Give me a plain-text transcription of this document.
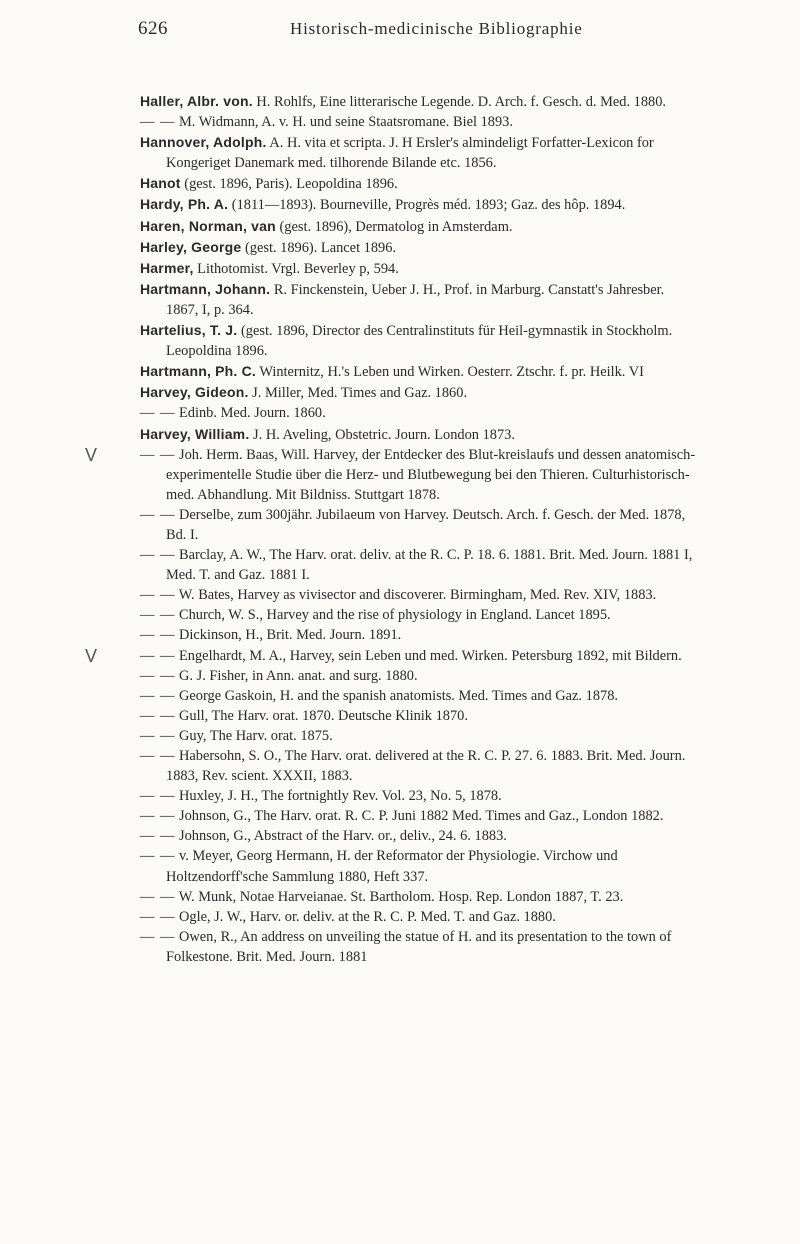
626	Historisch-medicinische Bibliographie

Haller, Albr. von. H. Rohlfs, Eine litterarische Legende. D. Arch. f. Gesch. d. Med. 1880.

— — M. Widmann, A. v. H. und seine Staatsromane. Biel 1893.

Hannover, Adolph. A. H. vita et scripta. J. H Ersler's almindeligt Forfatter-Lexicon for Kongeriget Danemark med. tilhorende Bilande etc. 1856.

Hanot (gest. 1896, Paris). Leopoldina 1896.

Hardy, Ph. A. (1811—1893). Bourneville, Progrès méd. 1893; Gaz. des hôp. 1894.

Haren, Norman, van (gest. 1896), Dermatolog in Amsterdam.

Harley, George (gest. 1896). Lancet 1896.

Harmer, Lithotomist. Vrgl. Beverley p, 594.

Hartmann, Johann. R. Finckenstein, Ueber J. H., Prof. in Marburg. Canstatt's Jahresber. 1867, I, p. 364.

Hartelius, T. J. (gest. 1896, Director des Centralinstituts für Heil-gymnastik in Stockholm. Leopoldina 1896.

Hartmann, Ph. C. Winternitz, H.'s Leben und Wirken. Oesterr. Ztschr. f. pr. Heilk. VI

Harvey, Gideon. J. Miller, Med. Times and Gaz. 1860.

— — Edinb. Med. Journ. 1860.

Harvey, William. J. H. Aveling, Obstetric. Journ. London 1873.

V	— — Joh. Herm. Baas, Will. Harvey, der Entdecker des Blut-kreislaufs und dessen anatomisch-experimentelle Studie über die Herz- und Blutbewegung bei den Thieren. Culturhistorisch-med. Abhandlung. Mit Bildniss. Stuttgart 1878.

— — Derselbe, zum 300jähr. Jubilaeum von Harvey. Deutsch. Arch. f. Gesch. der Med. 1878, Bd. I.

— — Barclay, A. W., The Harv. orat. deliv. at the R. C. P. 18. 6. 1881. Brit. Med. Journ. 1881 I, Med. T. and Gaz. 1881 I.

— — W. Bates, Harvey as vivisector and discoverer. Birmingham, Med. Rev. XIV, 1883.

— — Church, W. S., Harvey and the rise of physiology in England. Lancet 1895.

— — Dickinson, H., Brit. Med. Journ. 1891.

V	— — Engelhardt, M. A., Harvey, sein Leben und med. Wirken. Petersburg 1892, mit Bildern.

— — G. J. Fisher, in Ann. anat. and surg. 1880.

— — George Gaskoin, H. and the spanish anatomists. Med. Times and Gaz. 1878.

— — Gull, The Harv. orat. 1870. Deutsche Klinik 1870.

— — Guy, The Harv. orat. 1875.

— — Habersohn, S. O., The Harv. orat. delivered at the R. C. P. 27. 6. 1883. Brit. Med. Journ. 1883, Rev. scient. XXXII, 1883.

— — Huxley, J. H., The fortnightly Rev. Vol. 23, No. 5, 1878.

— — Johnson, G., The Harv. orat. R. C. P. Juni 1882 Med. Times and Gaz., London 1882.

— — Johnson, G., Abstract of the Harv. or., deliv., 24. 6. 1883.

— — v. Meyer, Georg Hermann, H. der Reformator der Physiologie. Virchow und Holtzendorff'sche Sammlung 1880, Heft 337.

— — W. Munk, Notae Harveianae. St. Bartholom. Hosp. Rep. London 1887, T. 23.

— — Ogle, J. W., Harv. or. deliv. at the R. C. P. Med. T. and Gaz. 1880.

— — Owen, R., An address on unveiling the statue of H. and its presentation to the town of Folkestone. Brit. Med. Journ. 1881
